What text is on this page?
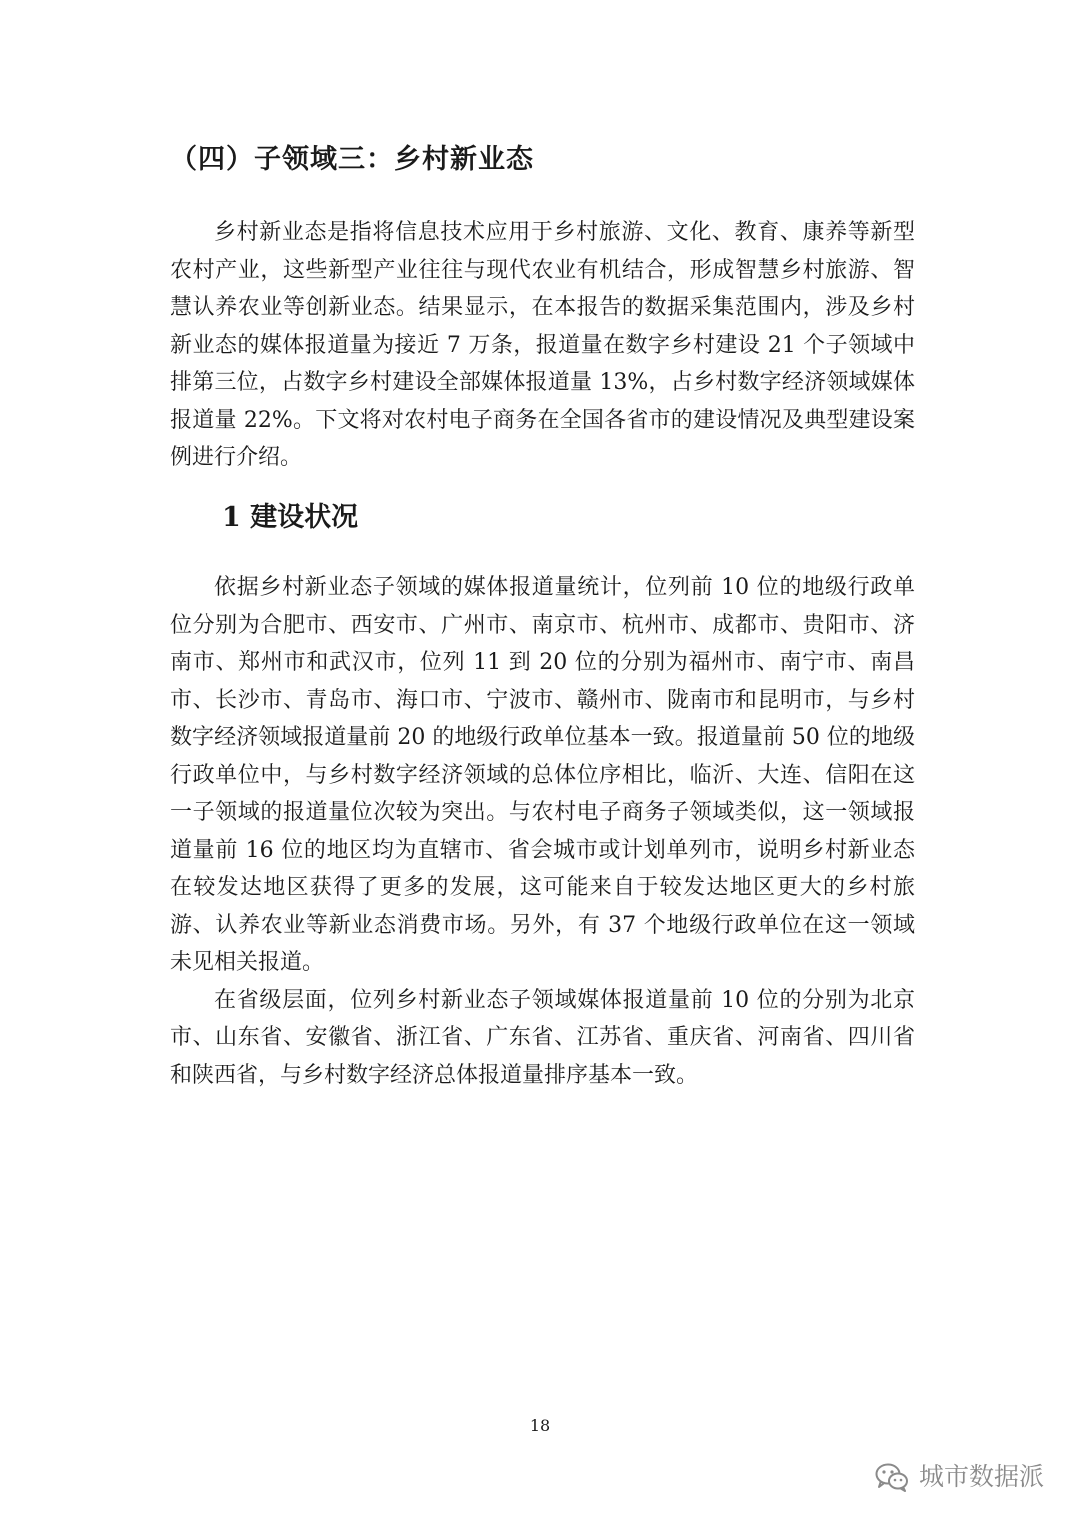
（四）子领域三：乡村新业态

乡村新业态是指将信息技术应用于乡村旅游、文化、教育、康养等新型农村产业，这些新型产业往往与现代农业有机结合，形成智慧乡村旅游、智慧认养农业等创新业态。结果显示，在本报告的数据采集范围内，涉及乡村新业态的媒体报道量为接近 7 万条，报道量在数字乡村建设 21 个子领域中排第三位，占数字乡村建设全部媒体报道量 13%，占乡村数字经济领域媒体报道量 22%。下文将对农村电子商务在全国各省市的建设情况及典型建设案例进行介绍。

1 建设状况

依据乡村新业态子领域的媒体报道量统计，位列前 10 位的地级行政单位分别为合肥市、西安市、广州市、南京市、杭州市、成都市、贵阳市、济南市、郑州市和武汉市，位列 11 到 20 位的分别为福州市、南宁市、南昌市、长沙市、青岛市、海口市、宁波市、赣州市、陇南市和昆明市，与乡村数字经济领域报道量前 20 的地级行政单位基本一致。报道量前 50 位的地级行政单位中，与乡村数字经济领域的总体位序相比，临沂、大连、信阳在这一子领域的报道量位次较为突出。与农村电子商务子领域类似，这一领域报道量前 16 位的地区均为直辖市、省会城市或计划单列市，说明乡村新业态在较发达地区获得了更多的发展，这可能来自于较发达地区更大的乡村旅游、认养农业等新业态消费市场。另外，有 37 个地级行政单位在这一领域未见相关报道。

在省级层面，位列乡村新业态子领域媒体报道量前 10 位的分别为北京市、山东省、安徽省、浙江省、广东省、江苏省、重庆省、河南省、四川省和陕西省，与乡村数字经济总体报道量排序基本一致。

18
城市数据派
